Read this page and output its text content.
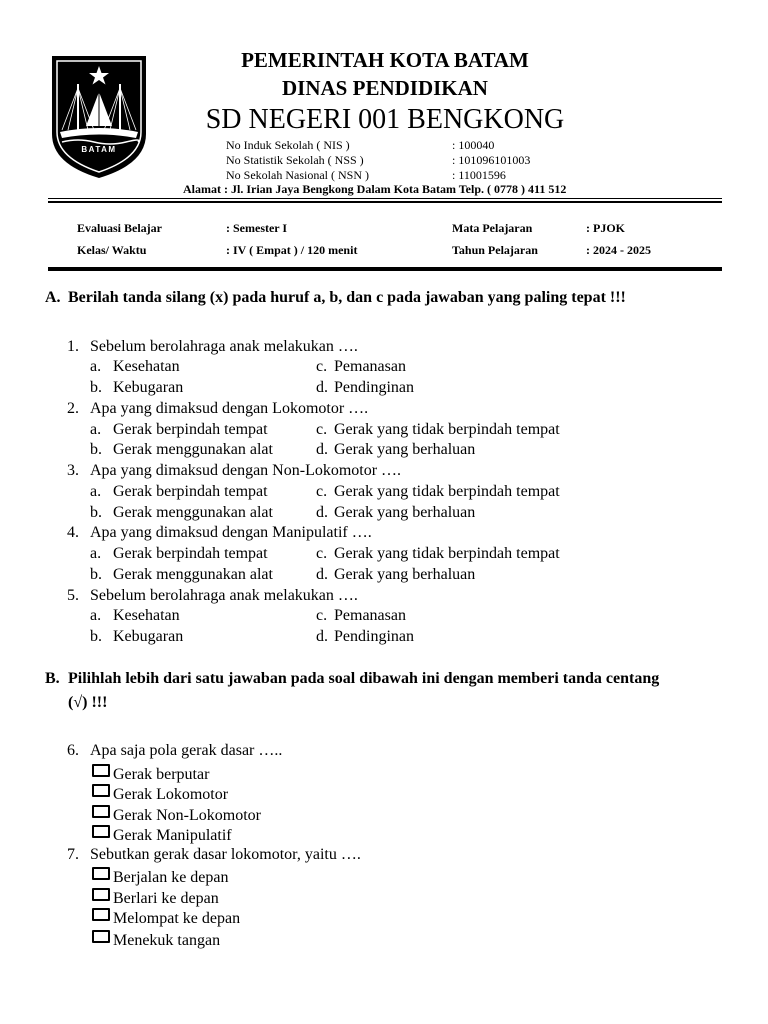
BATAM
PEMERINTAH KOTA BATAM
DINAS PENDIDIKAN
SD NEGERI 001 BENGKONG
No Induk Sekolah ( NIS )	: 100040
No Statistik Sekolah ( NSS )	: 101096101003
No Sekolah Nasional ( NSN )	: 11001596
Alamat : Jl. Irian Jaya Bengkong Dalam Kota Batam Telp. ( 0778 ) 411 512
Evaluasi Belajar	: Semester I	Mata Pelajaran	: PJOK
Kelas/ Waktu	: IV ( Empat ) / 120 menit	Tahun Pelajaran	: 2024 - 2025
A. Berilah tanda silang (x) pada huruf a, b, dan c pada jawaban yang paling tepat !!!
1. Sebelum berolahraga anak melakukan ….
a. Kesehatan	c. Pemanasan
b. Kebugaran	d. Pendinginan
2. Apa yang dimaksud dengan Lokomotor ….
a. Gerak berpindah tempat	c. Gerak yang tidak berpindah tempat
b. Gerak menggunakan alat	d. Gerak yang berhaluan
3. Apa yang dimaksud dengan Non-Lokomotor ….
a. Gerak berpindah tempat	c. Gerak yang tidak berpindah tempat
b. Gerak menggunakan alat	d. Gerak yang berhaluan
4. Apa yang dimaksud dengan Manipulatif ….
a. Gerak berpindah tempat	c. Gerak yang tidak berpindah tempat
b. Gerak menggunakan alat	d. Gerak yang berhaluan
5. Sebelum berolahraga anak melakukan ….
a. Kesehatan	c. Pemanasan
b. Kebugaran	d. Pendinginan
B. Pilihlah lebih dari satu jawaban pada soal dibawah ini dengan memberi tanda centang
(√) !!!
6. Apa saja pola gerak dasar …..
Gerak berputar
Gerak Lokomotor
Gerak Non-Lokomotor
Gerak Manipulatif
7. Sebutkan gerak dasar lokomotor, yaitu ….
Berjalan ke depan
Berlari ke depan
Melompat ke depan
Menekuk tangan
